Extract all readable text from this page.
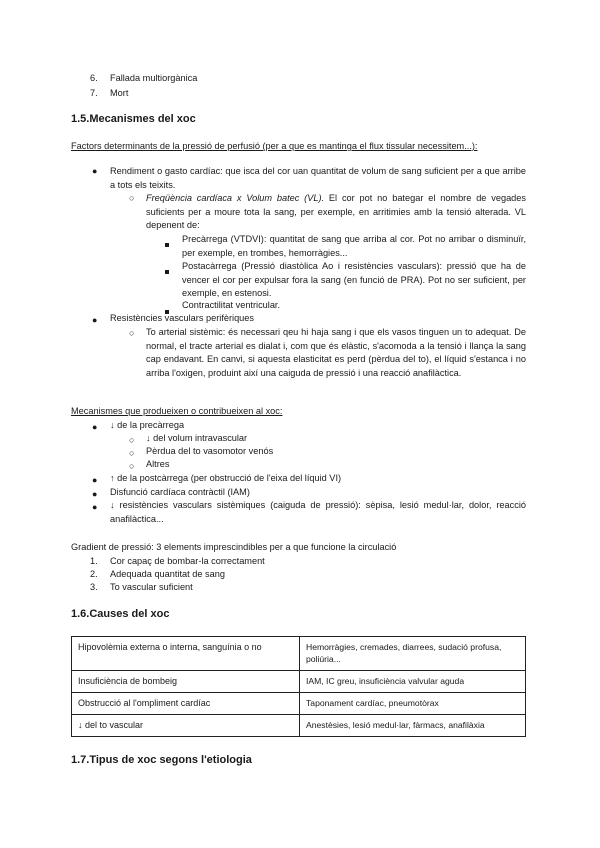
6. Fallada multiorgànica
7. Mort
1.5.Mecanismes del xoc
Factors determinants de la pressió de perfusió (per a que es mantinga el flux tissular necessitem...):
● Rendiment o gasto cardíac: que isca del cor uan quantitat de volum de sang suficient per a que arribe a tots els teixits.
○ Freqüència cardíaca x Volum batec (VL). El cor pot no bategar el nombre de vegades suficients per a moure tota la sang, per exemple, en arritimies amb la tensió alterada. VL depenent de:
Precàrrega (VTDVI): quantitat de sang que arriba al cor. Pot no arribar o disminuïr, per exemple, en trombes, hemorràgies...
Postacàrrega (Pressió diastòlica Ao i resistències vasculars): pressió que ha de vencer el cor per expulsar fora la sang (en funció de PRA). Pot no ser suficient, per exemple, en estenosi.
Contractilitat ventricular.
● Resistències vasculars perifèriques
○ To arterial sistèmic: és necessari qeu hi haja sang i que els vasos tinguen un to adequat. De normal, el tracte arterial es dialat i, com que és elàstic, s'acomoda a la tensió i llança la sang cap endavant. En canvi, si aquesta elasticitat es perd (pèrdua del to), el líquid s'estanca i no arriba l'oxigen, produint així una caiguda de pressió i una reacció anafilàctica.
Mecanismes que produeixen o contribueixen al xoc:
● ↓ de la precàrrega
○ ↓ del volum intravascular
○ Pèrdua del to vasomotor venós
○ Altres
● ↑ de la postcàrrega (per obstrucció de l'eixa del líquid VI)
● Disfunció cardíaca contràctil (IAM)
● ↓ resistències vasculars sistèmiques (caiguda de pressió): sèpisa, lesió medul·lar, dolor, reacció anafilàctica...
Gradient de pressió: 3 elements imprescindibles per a que funcione la circulació
1. Cor capaç de bombar-la correctament
2. Adequada quantitat de sang
3. To vascular suficient
1.6.Causes del xoc
Hipovolèmia externa o interna, sanguínia o no	Hemorràgies, cremades, diarrees, sudació profusa, poliúria...
Insuficiència de bombeig	IAM, IC greu, insuficiència valvular aguda
Obstrucció al l'ompliment cardíac	Taponament cardíac, pneumotòrax
↓ del to vascular	Anestèsies, lesió medul·lar, fàrmacs, anafilàxia
1.7.Tipus de xoc segons l'etiologia
